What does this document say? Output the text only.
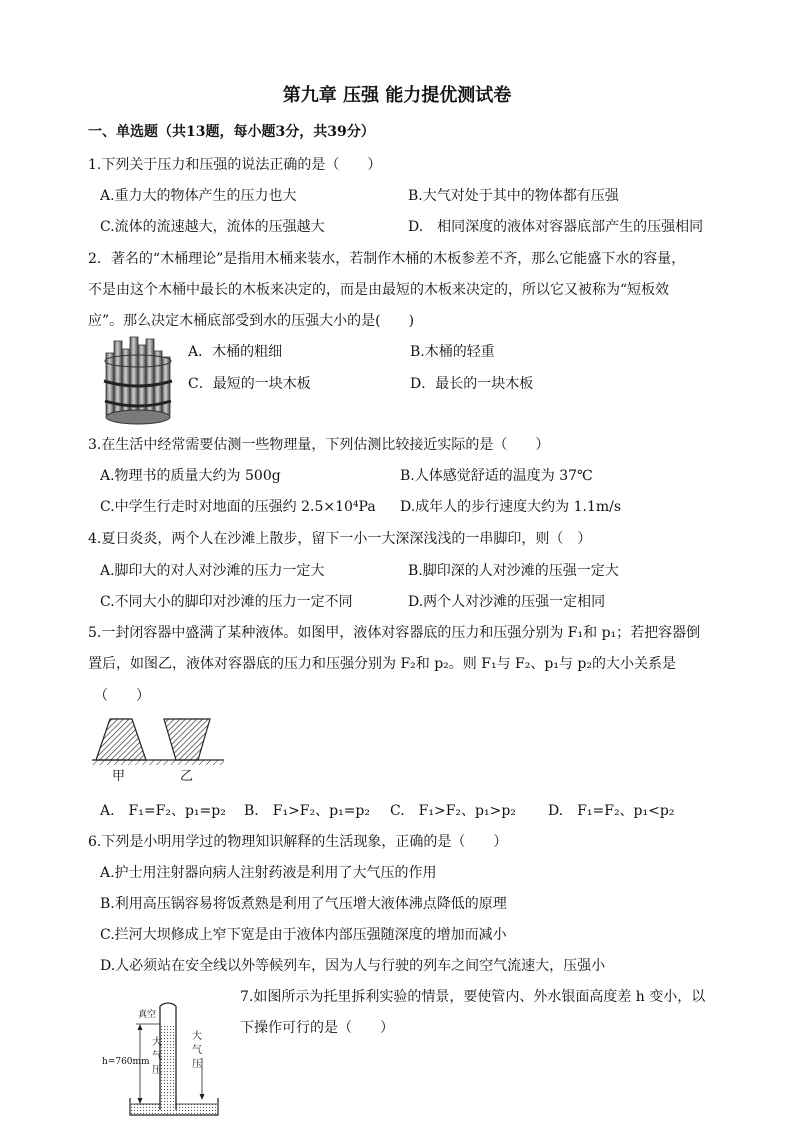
第九章 压强 能力提优测试卷
一、单选题（共13题，每小题3分，共39分）
1.下列关于压力和压强的说法正确的是（　　）
A.重力大的物体产生的压力也大	B.大气对处于其中的物体都有压强
C.流体的流速越大，流体的压强越大	D.　相同深度的液体对容器底部产生的压强相同
2．著名的“木桶理论”是指用木桶来装水，若制作木桶的木板参差不齐，那么它能盛下水的容量，
不是由这个木桶中最长的木板来决定的，而是由最短的木板来决定的，所以它又被称为“短板效
应”。那么决定木桶底部受到水的压强大小的是(　　)
A．木桶的粗细	B.木桶的轻重
C．最短的一块木板	D．最长的一块木板
3.在生活中经常需要估测一些物理量，下列估测比较接近实际的是（　　）
A.物理书的质量大约为 500g	B.人体感觉舒适的温度为 37℃
C.中学生行走时对地面的压强约 2.5×10⁴Pa D.成年人的步行速度大约为 1.1m/s
4.夏日炎炎，两个人在沙滩上散步，留下一小一大深深浅浅的一串脚印，则（　）
A.脚印大的对人对沙滩的压力一定大	B.脚印深的人对沙滩的压强一定大
C.不同大小的脚印对沙滩的压力一定不同	D.两个人对沙滩的压强一定相同
5.一封闭容器中盛满了某种液体。如图甲，液体对容器底的压力和压强分别为 F₁和 p₁；若把容器倒
置后，如图乙，液体对容器底的压力和压强分别为 F₂和 p₂。则 F₁与 F₂、p₁与 p₂的大小关系是
（　　）
甲	乙
A.　F₁=F₂、p₁=p₂ B.　F₁>F₂、p₁=p₂ C.　F₁>F₂、p₁>p₂ D.　F₁=F₂、p₁<p₂
6.下列是小明用学过的物理知识解释的生活现象，正确的是（　　）
A.护士用注射器向病人注射药液是利用了大气压的作用
B.利用高压锅容易将饭煮熟是利用了气压增大液体沸点降低的原理
C.拦河大坝修成上窄下宽是由于液体内部压强随深度的增加而减小
D.人必须站在安全线以外等候列车，因为人与行驶的列车之间空气流速大，压强小
7.如图所示为托里拆利实验的情景，要使管内、外水银面高度差 h 变小，以
下操作可行的是（　　）
真空
h=760mm
大
气
压
大
气
压
